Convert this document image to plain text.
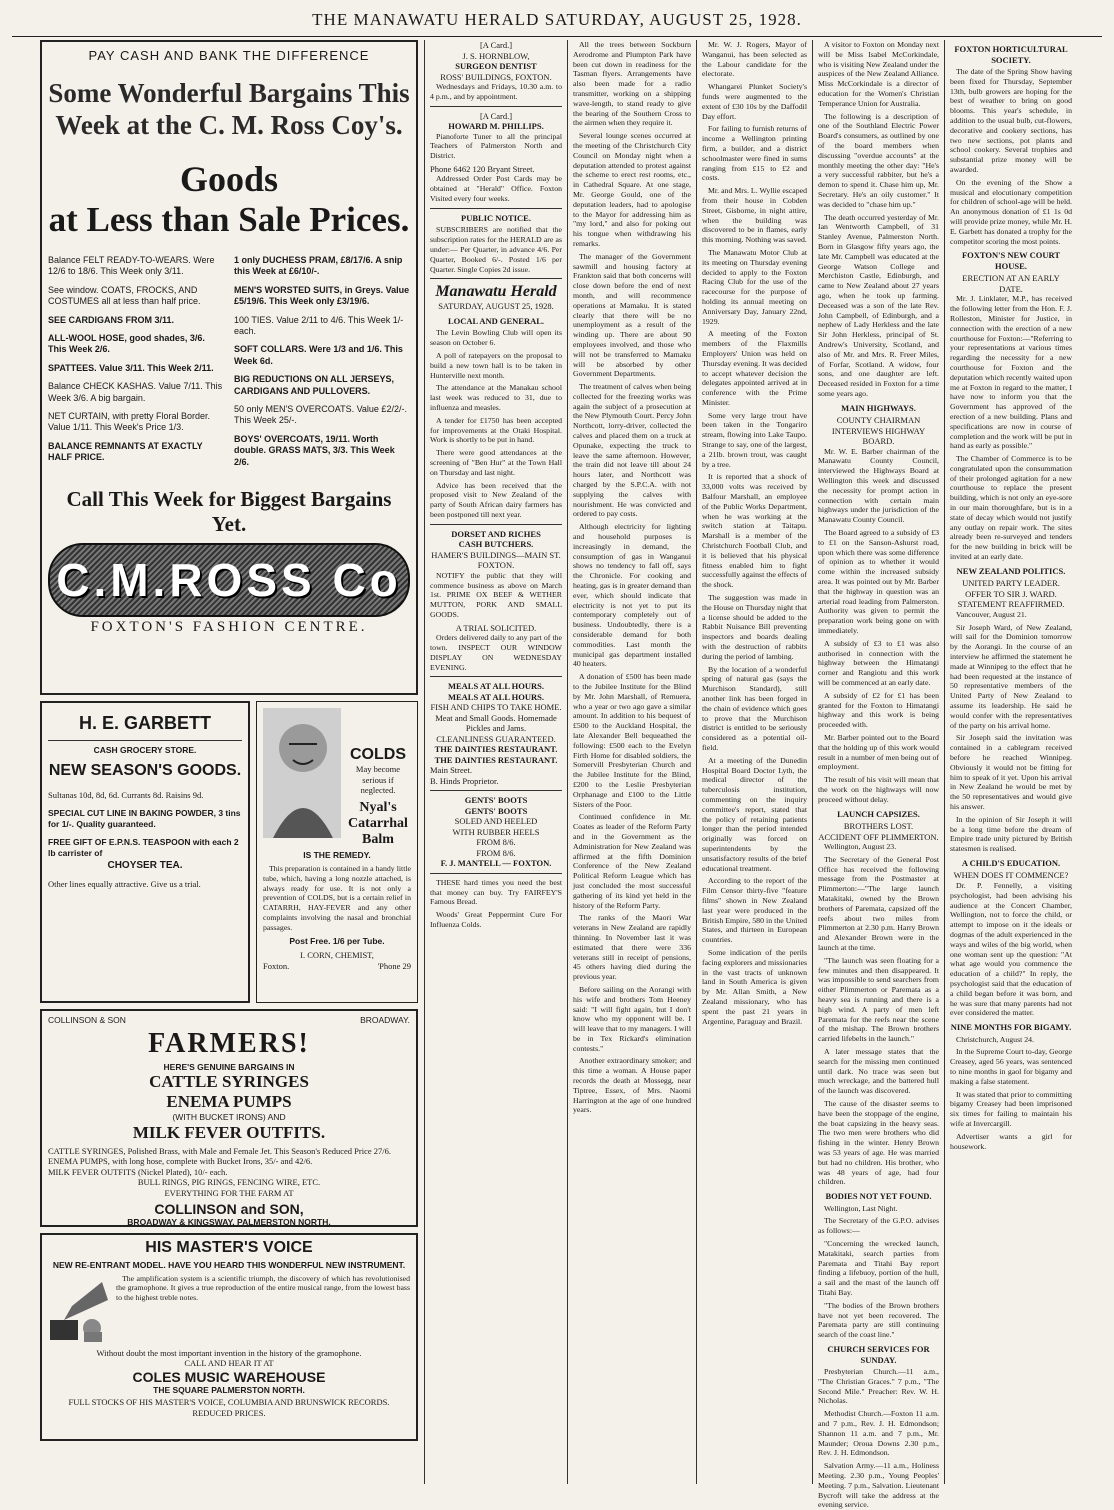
THE MANAWATU HERALD SATURDAY, AUGUST 25, 1928.
PAY CASH AND BANK THE DIFFERENCE
Some Wonderful Bargains This Week at the C. M. Ross Coy's.
Goods
at Less than Sale Prices.

Balance FELT READY-TO-WEARS. Were 12/6 to 18/6. This Week only 3/11.

See window. COATS, FROCKS, AND COSTUMES all at less than half price.

SEE CARDIGANS FROM 3/11.

ALL-WOOL HOSE, good shades, 3/6. This Week 2/6.

SPATTEES. Value 3/11. This Week 2/11.

Balance CHECK KASHAS. Value 7/11. This Week 3/6. A big bargain.

NET CURTAIN, with pretty Floral Border. Value 1/11. This Week's Price 1/3.

BALANCE REMNANTS AT EXACTLY HALF PRICE.

1 only DUCHESS PRAM, £8/17/6. A snip this Week at £6/10/-.

MEN'S WORSTED SUITS, in Greys. Value £5/19/6. This Week only £3/19/6.

100 TIES. Value 2/11 to 4/6. This Week 1/- each.

SOFT COLLARS. Were 1/3 and 1/6. This Week 6d.

BIG REDUCTIONS ON ALL JERSEYS, CARDIGANS AND PULLOVERS.

50 only MEN'S OVERCOATS. Value £2/2/-. This Week 25/-.

BOYS' OVERCOATS, 19/11. Worth double. GRASS MATS, 3/3. This Week 2/6.

Call This Week for Biggest Bargains Yet.
C.M.ROSS Co
FOXTON'S FASHION CENTRE.
H. E. GARBETT
CASH GROCERY STORE.
NEW SEASON'S GOODS.
Sultanas 10d, 8d, 6d. Currants 8d. Raisins 9d.
SPECIAL CUT LINE IN BAKING POWDER, 3 tins for 1/-. Quality guaranteed.
FREE GIFT OF E.P.N.S. TEASPOON with each 2 lb carrister of
CHOYSER TEA.
Other lines equally attractive. Give us a trial.
COLDS
May become serious if neglected.
Nyal's Catarrhal Balm
IS THE REMEDY.
This preparation is contained in a handy little tube, which, having a long nozzle attached, is always ready for use. It is not only a prevention of COLDS, but is a certain relief in CATARRH, HAY-FEVER and any other complaints involving the nasal and bronchial passages.
Post Free. 1/6 per Tube.
I. CORN, CHEMIST,
Foxton.	'Phone 29
COLLINSON & SON	BROADWAY.
FARMERS!
HERE'S GENUINE BARGAINS IN
CATTLE SYRINGES
ENEMA PUMPS
(WITH BUCKET IRONS) AND
MILK FEVER OUTFITS.
CATTLE SYRINGES, Polished Brass, with Male and Female Jet. This Season's Reduced Price 27/6.
ENEMA PUMPS, with long hose, complete with Bucket Irons, 35/- and 42/6.
MILK FEVER OUTFITS (Nickel Plated), 10/- each.
BULL RINGS, PIG RINGS, FENCING WIRE, ETC.
EVERYTHING FOR THE FARM AT
COLLINSON and SON,
BROADWAY & KINGSWAY, PALMERSTON NORTH.
HIS MASTER'S VOICE
NEW RE-ENTRANT MODEL. HAVE YOU HEARD THIS WONDERFUL NEW INSTRUMENT.
The amplification system is a scientific triumph, the discovery of which has revolutionised the gramophone. It gives a true reproduction of the entire musical range, from the lowest bass to the highest treble notes.
Without doubt the most important invention in the history of the gramophone.
CALL AND HEAR IT AT
COLES MUSIC WAREHOUSE
THE SQUARE PALMERSTON NORTH.
FULL STOCKS OF HIS MASTER'S VOICE, COLUMBIA AND BRUNSWICK RECORDS. REDUCED PRICES.
[A Card.]
J. S. HORNBLOW,
SURGEON DENTIST
ROSS' BUILDINGS, FOXTON.
Wednesdays and Fridays, 10.30 a.m. to 4 p.m., and by appointment.
[A Card.]
HOWARD M. PHILLIPS.
Pianoforte Tuner to all the principal Teachers of Palmerston North and District.
Phone 6462 120 Bryant Street.
Addressed Order Post Cards may be obtained at "Herald" Office. Foxton Visited every four weeks.
PUBLIC NOTICE.
SUBSCRIBERS are notified that the subscription rates for the HERALD are as under:— Per Quarter, in advance 4/6. Per Quarter, Booked 6/-. Posted 1/6 per Quarter. Single Copies 2d issue.
Manawatu Herald
SATURDAY, AUGUST 25, 1928.
LOCAL AND GENERAL.
The Levin Bowling Club will open its season on October 6.
A poll of ratepayers on the proposal to build a new town hall is to be taken in Hunterville next month.
The attendance at the Manakau school last week was reduced to 31, due to influenza and measles.
A tender for £1750 has been accepted for improvements at the Otaki Hospital. Work is shortly to be put in hand.
There were good attendances at the screening of "Ben Hur" at the Town Hall on Thursday and last night.
Advice has been received that the proposed visit to New Zealand of the party of South African dairy farmers has been postponed till next year.
DORSET AND RICHES
CASH BUTCHERS.
HAMER'S BUILDINGS—MAIN ST. FOXTON.
NOTIFY the public that they will commence business as above on March 1st. PRIME OX BEEF & WETHER MUTTON, PORK AND SMALL GOODS.
A TRIAL SOLICITED.
Orders delivered daily to any part of the town. INSPECT OUR WINDOW DISPLAY ON WEDNESDAY EVENING.
MEALS AT ALL HOURS.
MEALS AT ALL HOURS.
FISH AND CHIPS TO TAKE HOME.
Meat and Small Goods. Homemade Pickles and Jams.
CLEANLINESS GUARANTEED.
THE DAINTIES RESTAURANT.
THE DAINTIES RESTAURANT.
Main Street.
B. Hinds Proprietor.
GENTS' BOOTS
GENTS' BOOTS
SOLED AND HEELED
WITH RUBBER HEELS
FROM 8/6.
FROM 8/6.
F. J. MANTELL — FOXTON.
THESE hard times you need the best that money can buy. Try FAIRFEY'S Famous Bread.
Woods' Great Peppermint Cure For Influenza Colds.
All the trees between Sockburn Aerodrome and Plumpton Park have been cut down in readiness for the Tasman flyers. Arrangements have also been made for a radio transmitter, working on a shipping wave-length, to stand ready to give the bearing of the Southern Cross to the airmen when they require it.
Several lounge scenes occurred at the meeting of the Christchurch City Council on Monday night when a deputation attended to protest against the scheme to erect rest rooms, etc., in Cathedral Square. At one stage, Mr. George Gould, one of the deputation leaders, had to apologise to the Mayor for addressing him as "my lord," and also for poking out his tongue when withdrawing his remarks.
The manager of the Government sawmill and housing factory at Frankton said that both concerns will close down before the end of next month, and will recommence operations at Mamaku. It is stated clearly that there will be no unemployment as a result of the winding up. There are about 90 employees involved, and those who will not be transferred to Mamaku will be absorbed by other Government Departments.
The treatment of calves when being collected for the freezing works was again the subject of a prosecution at the New Plymouth Court. Percy John Northcott, lorry-driver, collected the calves and placed them on a truck at Opunake, expecting the truck to leave the same afternoon. However, the train did not leave till about 24 hours later, and Northcott was charged by the S.P.C.A. with not supplying the calves with nourishment. He was convicted and ordered to pay costs.
Although electricity for lighting and household purposes is increasingly in demand, the consumption of gas in Wanganui shows no tendency to fall off, says the Chronicle. For cooking and heating, gas is in greater demand than ever, which should indicate that electricity is not yet to put its contemporary completely out of business. Undoubtedly, there is a considerable demand for both commodities. Last month the municipal gas department installed 40 heaters.
A donation of £500 has been made to the Jubilee Institute for the Blind by Mr. John Marshall, of Remuera, who a year or two ago gave a similar amount. In addition to his bequest of £500 to the Auckland Hospital, the late Alexander Bell bequeathed the following: £500 each to the Evelyn Firth Home for disabled soldiers, the Somervill Presbyterian Church and the Jubilee Institute for the Blind, £200 to the Leslie Presbyterian Orphanage and £100 to the Little Sisters of the Poor.
Continued confidence in Mr. Coates as leader of the Reform Party and in the Government as the Administration for New Zealand was affirmed at the fifth Dominion Conference of the New Zealand Political Reform League which has just concluded the most successful gathering of its kind yet held in the history of the Reform Party.
The ranks of the Maori War veterans in New Zealand are rapidly thinning. In November last it was estimated that there were 336 veterans still in receipt of pensions, 45 others having died during the previous year.
Before sailing on the Aorangi with his wife and brothers Tom Heeney said: "I will fight again, but I don't know who my opponent will be. I will leave that to my managers. I will be in Tex Rickard's elimination contests."
Another extraordinary smoker; and this time a woman. A House paper records the death at Mossegg, near Tiptree, Essex, of Mrs. Naomi Harrington at the age of one hundred years.
Mr. W. J. Rogers, Mayor of Wanganui, has been selected as the Labour candidate for the electorate.
Whangarei Plunket Society's funds were augmented to the extent of £30 10s by the Daffodil Day effort.
For failing to furnish returns of income a Wellington printing firm, a builder, and a district schoolmaster were fined in sums ranging from £15 to £2 and costs.
Mr. and Mrs. L. Wyllie escaped from their house in Cobden Street, Gisborne, in night attire, when the building was discovered to be in flames, early this morning. Nothing was saved.
The Manawatu Motor Club at its meeting on Thursday evening decided to apply to the Foxton Racing Club for the use of the racecourse for the purpose of holding its annual meeting on Anniversary Day, January 22nd, 1929.
A meeting of the Foxton members of the Flaxmills Employers' Union was held on Thursday evening. It was decided to accept whatever decision the delegates appointed arrived at in conference with the Prime Minister.
Some very large trout have been taken in the Tongariro stream, flowing into Lake Taupo. Strange to say, one of the largest, a 21lb. brown trout, was caught by a tree.
It is reported that a shock of 33,000 volts was received by Balfour Marshall, an employee of the Public Works Department, when he was working at the switch station at Taitapu. Marshall is a member of the Christchurch Football Club, and it is believed that his physical fitness enabled him to fight successfully against the effects of the shock.
The suggestion was made in the House on Thursday night that a license should be added to the Rabbit Nuisance Bill preventing inspectors and boards dealing with the destruction of rabbits during the period of lambing.
By the location of a wonderful spring of natural gas (says the Murchison Standard), still another link has been forged in the chain of evidence which goes to prove that the Murchison district is entitled to be seriously considered as a potential oil-field.
At a meeting of the Dunedin Hospital Board Doctor Lyth, the medical director of the tuberculosis institution, commenting on the inquiry committee's report, stated that the policy of retaining patients longer than the period intended originally was forced on superintendents by the unsatisfactory results of the brief educational treatment.
According to the report of the Film Censor thirty-five "feature films" shown in New Zealand last year were produced in the British Empire, 580 in the United States, and thirteen in European countries.
Some indication of the perils facing explorers and missionaries in the vast tracts of unknown land in South America is given by Mr. Allan Smith, a New Zealand missionary, who has spent the past 21 years in Argentine, Paraguay and Brazil.
A visitor to Foxton on Monday next will be Miss Isabel McCorkindale, who is visiting New Zealand under the auspices of the New Zealand Alliance. Miss McCorkindale is a director of education for the Women's Christian Temperance Union for Australia.
The following is a description of one of the Southland Electric Power Board's consumers, as outlined by one of the board members when discussing "overdue accounts" at the monthly meeting the other day: "He's a very successful rabbiter, but he's a demon to spend it. Chase him up, Mr. Secretary. He's an oily customer." It was decided to "chase him up."
The death occurred yesterday of Mr. Ian Wentworth Campbell, of 31 Stanley Avenue, Palmerston North. Born in Glasgow fifty years ago, the late Mr. Campbell was educated at the George Watson College and Merchiston Castle, Edinburgh, and came to New Zealand about 27 years ago, when he took up farming. Deceased was a son of the late Rev. John Campbell, of Edinburgh, and a nephew of Lady Herkless and the late Sir John Herkless, principal of St. Andrew's University, Scotland, and also of Mr. and Mrs. R. Freer Miles, of Forfar, Scotland. A widow, four sons, and one daughter are left. Deceased resided in Foxton for a time some years ago.
MAIN HIGHWAYS.
COUNTY CHAIRMAN INTERVIEWS HIGHWAY BOARD.
Mr. W. E. Barber chairman of the Manawatu County Council, interviewed the Highways Board at Wellington this week and discussed the necessity for prompt action in connection with certain main highways under the jurisdiction of the Manawatu County Council.
The Board agreed to a subsidy of £3 to £1 on the Sanson-Ashurst road, upon which there was some difference of opinion as to whether it would come within the increased subsidy area. It was pointed out by Mr. Barber that the highway in question was an arterial road leading from Palmerston. Authority was given to permit the preparation work being gone on with immediately.
A subsidy of £3 to £1 was also authorised in connection with the highway between the Himatangi corner and Rangiotu and this work will be commenced at an early date.
A subsidy of £2 for £1 has been granted for the Foxton to Himatangi highway and this work is being proceeded with.
Mr. Barber pointed out to the Board that the holding up of this work would result in a number of men being out of employment.
The result of his visit will mean that the work on the highways will now proceed without delay.
LAUNCH CAPSIZES.
BROTHERS LOST.
ACCIDENT OFF PLIMMERTON.
Wellington, August 23.
The Secretary of the General Post Office has received the following message from the Postmaster at Plimmerton:—"The large launch Matakitaki, owned by the Brown brothers of Paremata, capsized off the reefs about two miles from Plimmerton at 2.30 p.m. Harry Brown and Alexander Brown were in the launch at the time.
"The launch was seen floating for a few minutes and then disappeared. It was impossible to send searchers from either Plimmerton or Paremata as a heavy sea is running and there is a high wind. A party of men left Paremata for the reefs near the scene of the mishap. The Brown brothers carried lifebelts in the launch."
A later message states that the search for the missing men continued until dark. No trace was seen but much wreckage, and the battered hull of the launch was discovered.
The cause of the disaster seems to have been the stoppage of the engine, the boat capsizing in the heavy seas. The two men were brothers who did fishing in the winter. Henry Brown was 53 years of age. He was married but had no children. His brother, who was 48 years of age, had four children.
BODIES NOT YET FOUND.
Wellington, Last Night.
The Secretary of the G.P.O. advises as follows:—
"Concerning the wrecked launch, Matakitaki, search parties from Paremata and Titahi Bay report finding a lifebuoy, portion of the hull, a sail and the mast of the launch off Titahi Bay.
"The bodies of the Brown brothers have not yet been recovered. The Paremata party are still continuing search of the coast line."
CHURCH SERVICES FOR SUNDAY.
Presbyterian Church.—11 a.m., "The Christian Graces." 7 p.m., "The Second Mile." Preacher: Rev. W. H. Nicholas.
Methodist Church.—Foxton 11 a.m. and 7 p.m., Rev. J. H. Edmondson; Shannon 11 a.m. and 7 p.m., Mr. Maunder; Oroua Downs 2.30 p.m., Rev. J. H. Edmondson.
Salvation Army.—11 a.m., Holiness Meeting. 2.30 p.m., Young Peoples' Meeting. 7 p.m., Salvation. Lieutenant Bycroft will take the address at the evening service.
FOXTON HORTICULTURAL SOCIETY.
The date of the Spring Show having been fixed for Thursday, September 13th, bulb growers are hoping for the best of weather to bring on good blooms. This year's schedule, in addition to the usual bulb, cut-flowers, decorative and cookery sections, has two new sections, pot plants and school cookery. Several trophies and substantial prize money will be awarded.
On the evening of the Show a musical and elocutionary competition for children of school-age will be held. An anonymous donation of £1 1s 0d will provide prize money, while Mr. H. E. Garbett has donated a trophy for the competitor scoring the most points.
FOXTON'S NEW COURT HOUSE.
ERECTION AT AN EARLY DATE.
Mr. J. Linklater, M.P., has received the following letter from the Hon. F. J. Rolleston, Minister for Justice, in connection with the erection of a new courthouse for Foxton:—"Referring to your representations at various times regarding the necessity for a new courthouse for Foxton and the deputation which recently waited upon me at Foxton in regard to the matter, I have now to inform you that the Government has approved of the erection of a new building. Plans and specifications are now in course of completion and the work will be put in hand as early as possible."
The Chamber of Commerce is to be congratulated upon the consummation of their prolonged agitation for a new courthouse to replace the present building, which is not only an eye-sore in our main thoroughfare, but is in a state of decay which would not justify any outlay on repair work. The sites already been re-surveyed and tenders for the new building in brick will be invited at an early date.
NEW ZEALAND POLITICS.
UNITED PARTY LEADER.
OFFER TO SIR J. WARD.
STATEMENT REAFFIRMED.
Vancouver, August 21.
Sir Joseph Ward, of New Zealand, will sail for the Dominion tomorrow by the Aorangi. In the course of an interview he affirmed the statement he made at Winnipeg to the effect that he had been requested at the instance of 50 representative members of the United Party of New Zealand to assume its leadership. He said he would confer with the representatives of the party on his arrival home.
Sir Joseph said the invitation was contained in a cablegram received before he reached Winnipeg. Obviously it would not be fitting for him to speak of it yet. Upon his arrival in New Zealand he would be met by the 50 representatives and would give his answer.
In the opinion of Sir Joseph it will be a long time before the dream of Empire trade unity pictured by British statesmen is realised.
A CHILD'S EDUCATION.
WHEN DOES IT COMMENCE?
Dr. P. Fennelly, a visiting psychologist, had been advising his audience at the Concert Chamber, Wellington, not to force the child, or attempt to impose on it the ideals or dogmas of the adult experienced in the ways and wiles of the big world, when one woman sent up the question: "At what age would you commence the education of a child?" In reply, the psychologist said that the education of a child began before it was born, and he was sure that many parents had not ever considered the matter.
NINE MONTHS FOR BIGAMY.
Christchurch, August 24.
In the Supreme Court to-day, George Creasey, aged 56 years, was sentenced to nine months in gaol for bigamy and making a false statement.
It was stated that prior to committing bigamy Creasey had been imprisoned six times for failing to maintain his wife at Invercargill.
Advertiser wants a girl for housework.
